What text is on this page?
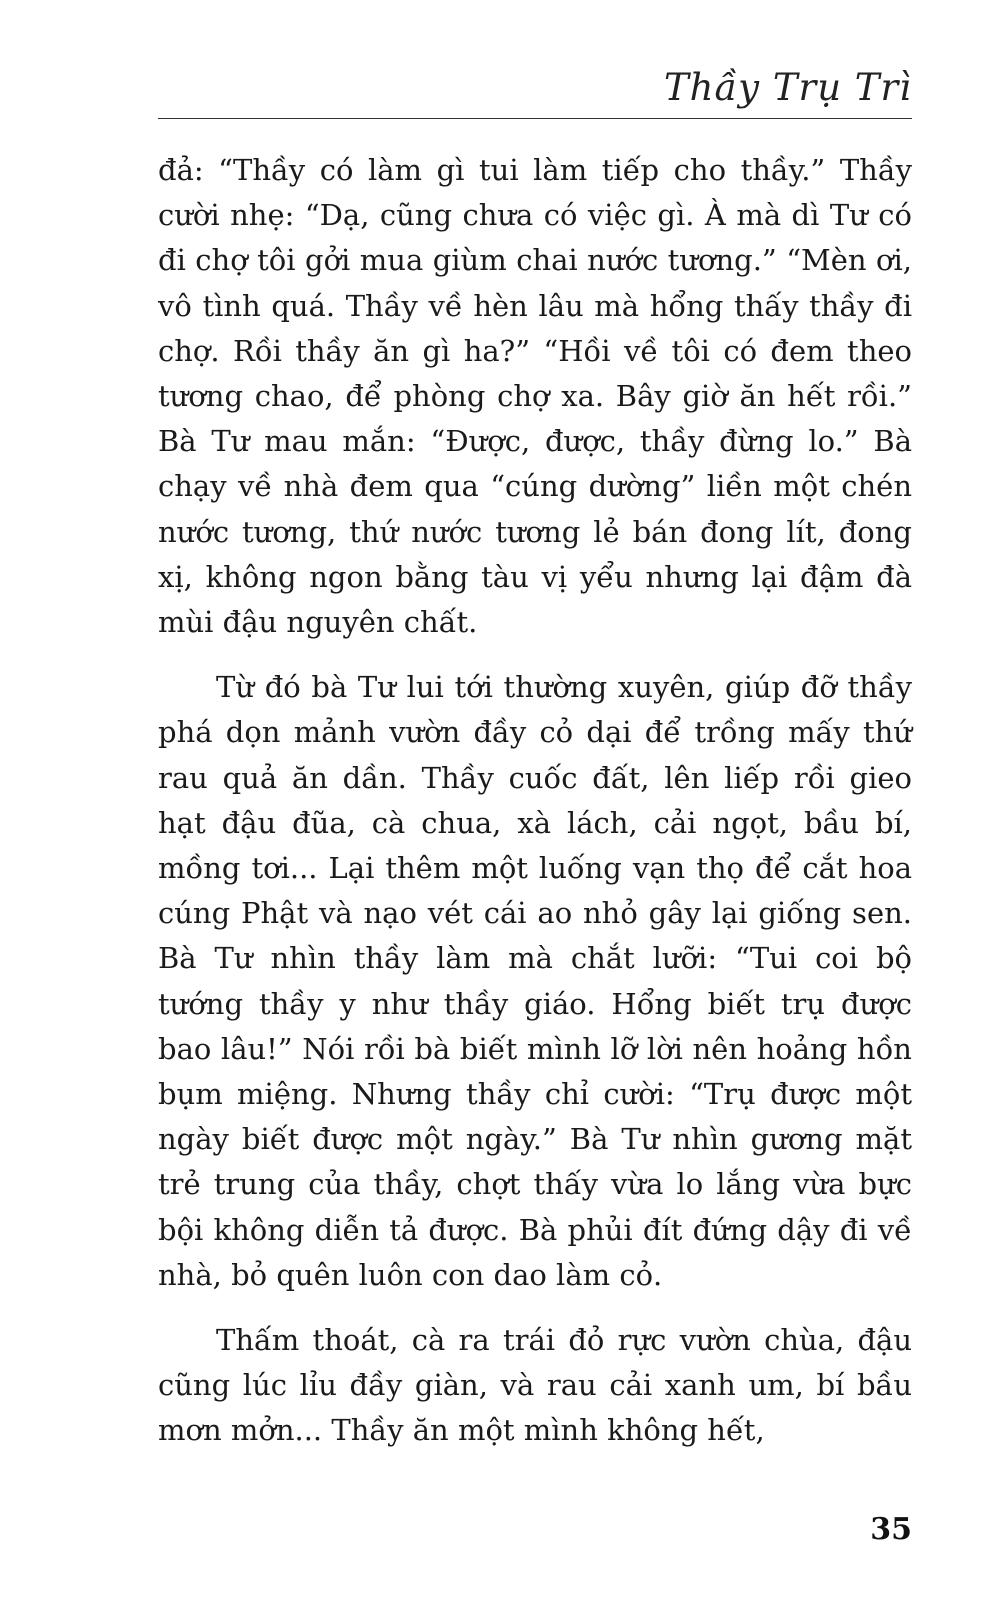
Thầy Trụ Trì

đả: “Thầy có làm gì tui làm tiếp cho thầy.” Thầy cười nhẹ: “Dạ, cũng chưa có việc gì. À mà dì Tư có đi chợ tôi gởi mua giùm chai nước tương.” “Mèn ơi, vô tình quá. Thầy về hèn lâu mà hổng thấy thầy đi chợ. Rồi thầy ăn gì ha?” “Hồi về tôi có đem theo tương chao, để phòng chợ xa. Bây giờ ăn hết rồi.” Bà Tư mau mắn: “Được, được, thầy đừng lo.” Bà chạy về nhà đem qua “cúng dường” liền một chén nước tương, thứ nước tương lẻ bán đong lít, đong xị, không ngon bằng tàu vị yểu nhưng lại đậm đà mùi đậu nguyên chất.

Từ đó bà Tư lui tới thường xuyên, giúp đỡ thầy phá dọn mảnh vườn đầy cỏ dại để trồng mấy thứ rau quả ăn dần. Thầy cuốc đất, lên liếp rồi gieo hạt đậu đũa, cà chua, xà lách, cải ngọt, bầu bí, mồng tơi... Lại thêm một luống vạn thọ để cắt hoa cúng Phật và nạo vét cái ao nhỏ gây lại giống sen. Bà Tư nhìn thầy làm mà chắt lưỡi: “Tui coi bộ tướng thầy y như thầy giáo. Hổng biết trụ được bao lâu!” Nói rồi bà biết mình lỡ lời nên hoảng hồn bụm miệng. Nhưng thầy chỉ cười: “Trụ được một ngày biết được một ngày.” Bà Tư nhìn gương mặt trẻ trung của thầy, chợt thấy vừa lo lắng vừa bực bội không diễn tả được. Bà phủi đít đứng dậy đi về nhà, bỏ quên luôn con dao làm cỏ.

Thấm thoát, cà ra trái đỏ rực vườn chùa, đậu cũng lúc lỉu đầy giàn, và rau cải xanh um, bí bầu mơn mởn... Thầy ăn một mình không hết,

35
